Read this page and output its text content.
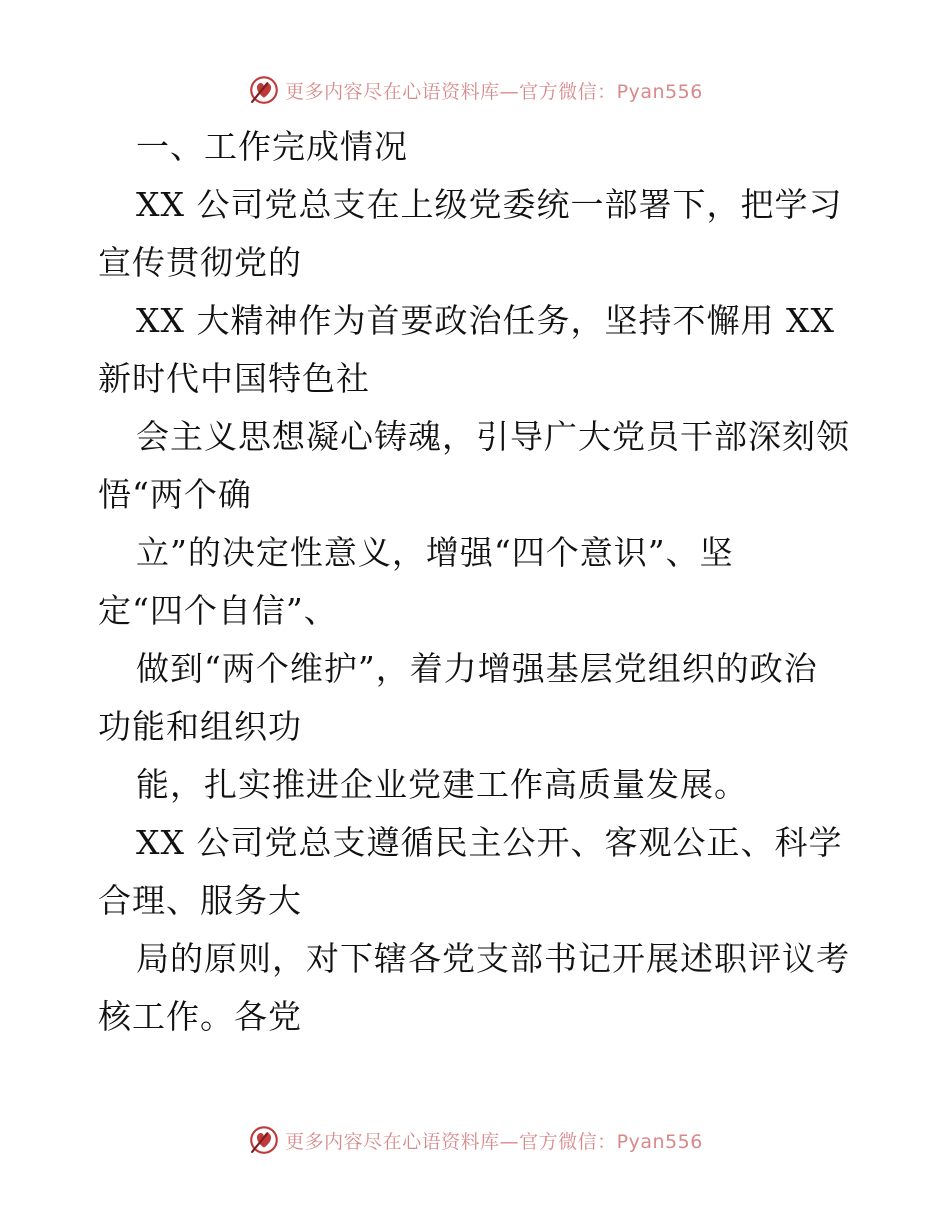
更多内容尽在心语资料库—官方微信：Pyan556
一、工作完成情况
XX 公司党总支在上级党委统一部署下，把学习
宣传贯彻党的
XX 大精神作为首要政治任务，坚持不懈用 XX
新时代中国特色社
会主义思想凝心铸魂，引导广大党员干部深刻领
悟“两个确
立”的决定性意义，增强“四个意识”、坚
定“四个自信”、
做到“两个维护”，着力增强基层党组织的政治
功能和组织功
能，扎实推进企业党建工作高质量发展。
XX 公司党总支遵循民主公开、客观公正、科学
合理、服务大
局的原则，对下辖各党支部书记开展述职评议考
核工作。各党
更多内容尽在心语资料库—官方微信：Pyan556
